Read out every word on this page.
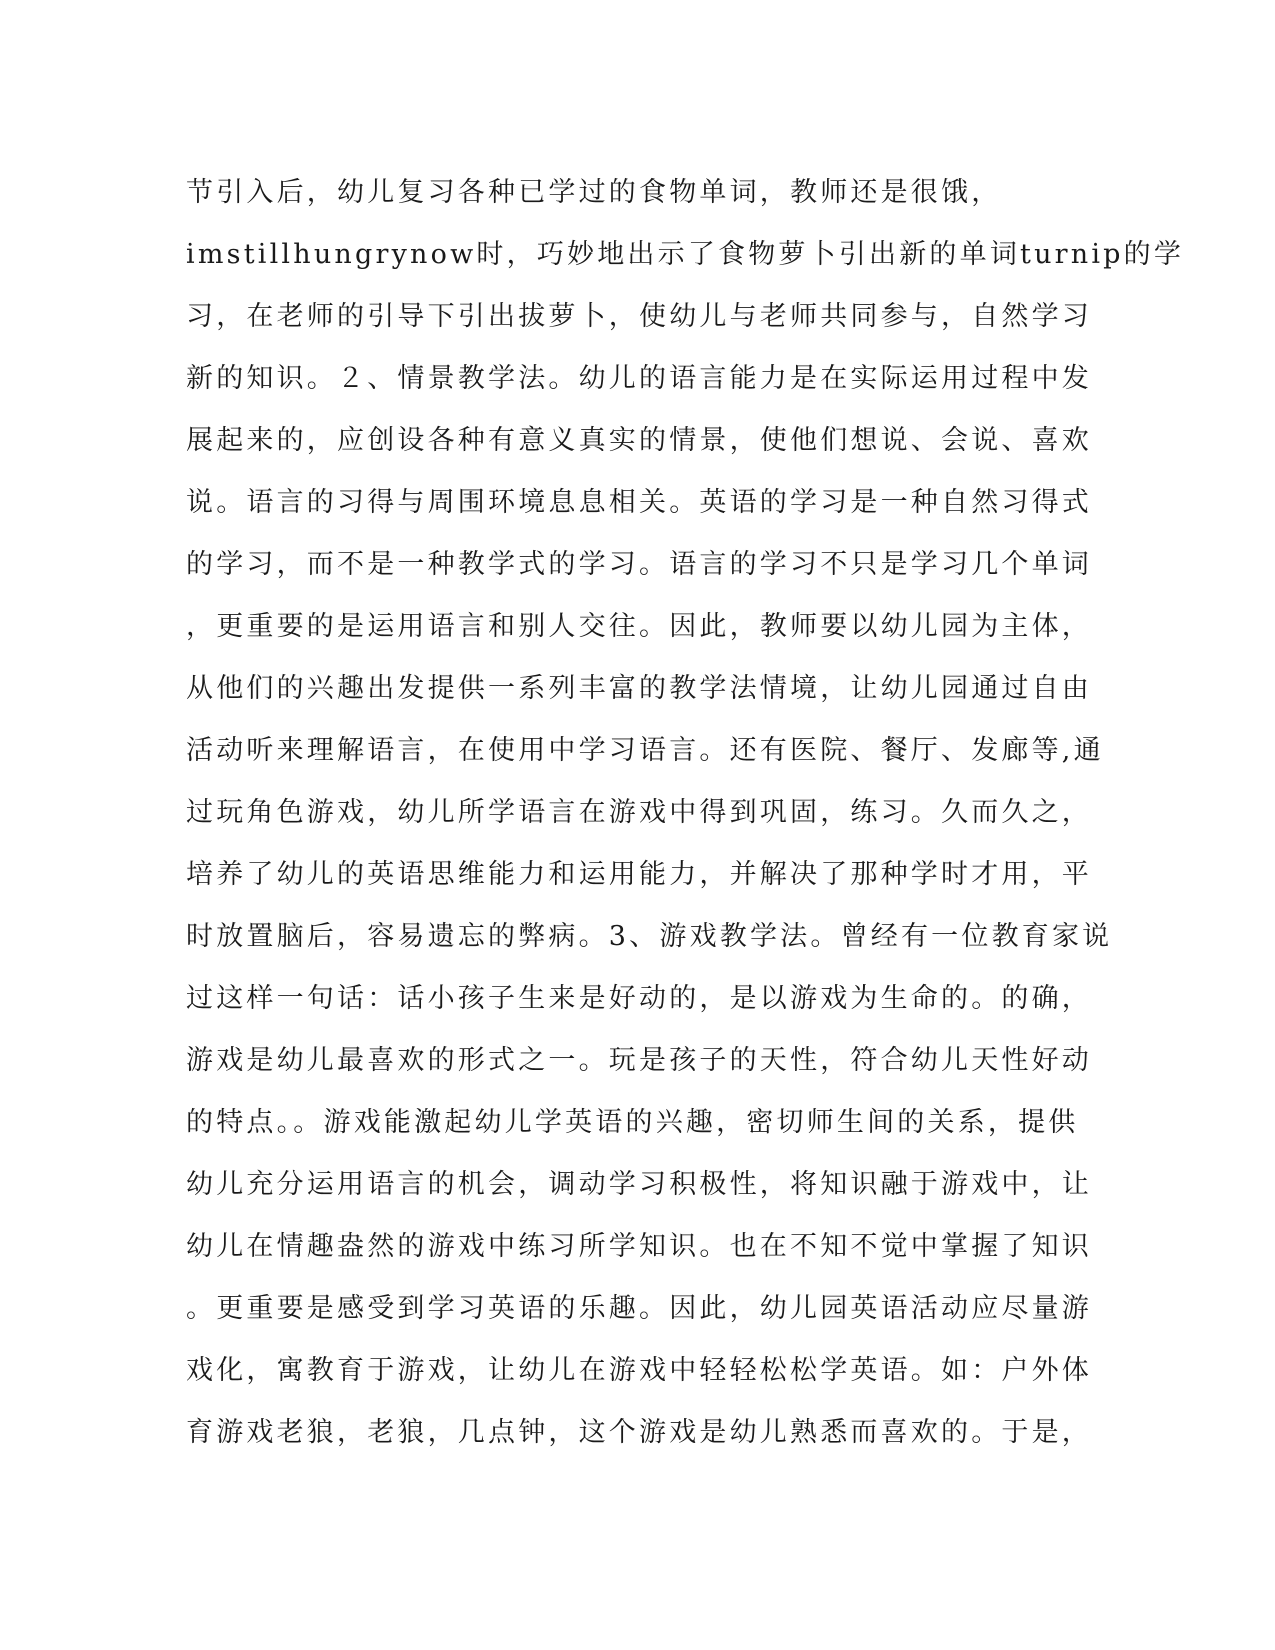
节引入后，幼儿复习各种已学过的食物单词，教师还是很饿，
imstillhungrynow时，巧妙地出示了食物萝卜引出新的单词turnip的学
习，在老师的引导下引出拔萝卜，使幼儿与老师共同参与，自然学习
新的知识。２、情景教学法。幼儿的语言能力是在实际运用过程中发
展起来的，应创设各种有意义真实的情景，使他们想说、会说、喜欢
说。语言的习得与周围环境息息相关。英语的学习是一种自然习得式
的学习，而不是一种教学式的学习。语言的学习不只是学习几个单词
，更重要的是运用语言和别人交往。因此，教师要以幼儿园为主体，
从他们的兴趣出发提供一系列丰富的教学法情境，让幼儿园通过自由
活动听来理解语言，在使用中学习语言。还有医院、餐厅、发廊等,通
过玩角色游戏，幼儿所学语言在游戏中得到巩固，练习。久而久之，
培养了幼儿的英语思维能力和运用能力，并解决了那种学时才用，平
时放置脑后，容易遗忘的弊病。3、游戏教学法。曾经有一位教育家说
过这样一句话：话小孩子生来是好动的，是以游戏为生命的。的确，
游戏是幼儿最喜欢的形式之一。玩是孩子的天性，符合幼儿天性好动
的特点。。游戏能激起幼儿学英语的兴趣，密切师生间的关系，提供
幼儿充分运用语言的机会，调动学习积极性，将知识融于游戏中，让
幼儿在情趣盎然的游戏中练习所学知识。也在不知不觉中掌握了知识
。更重要是感受到学习英语的乐趣。因此，幼儿园英语活动应尽量游
戏化，寓教育于游戏，让幼儿在游戏中轻轻松松学英语。如：户外体
育游戏老狼，老狼，几点钟，这个游戏是幼儿熟悉而喜欢的。于是，
